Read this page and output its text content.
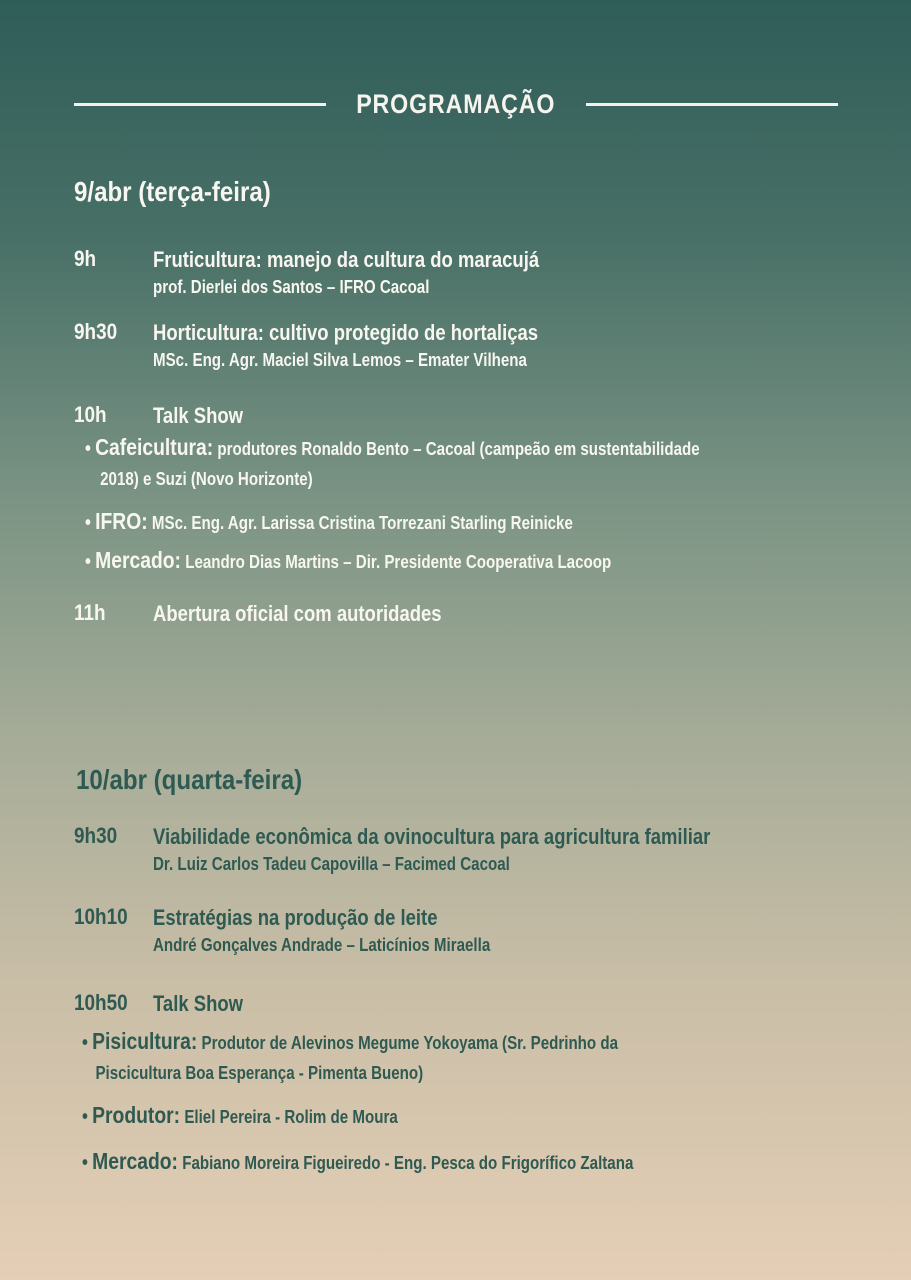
PROGRAMAÇÃO
9/abr (terça-feira)
9h	Fruticultura: manejo da cultura do maracujá
prof. Dierlei dos Santos – IFRO Cacoal
9h30 Horticultura: cultivo protegido de hortaliças
MSc. Eng. Agr. Maciel Silva Lemos – Emater Vilhena
10h Talk Show
• Cafeicultura: produtores Ronaldo Bento – Cacoal (campeão em sustentabilidade
2018) e Suzi (Novo Horizonte)
• IFRO: MSc. Eng. Agr. Larissa Cristina Torrezani Starling Reinicke
• Mercado: Leandro Dias Martins – Dir. Presidente Cooperativa Lacoop
11h Abertura oficial com autoridades
10/abr (quarta-feira)
9h30 Viabilidade econômica da ovinocultura para agricultura familiar
Dr. Luiz Carlos Tadeu Capovilla – Facimed Cacoal
10h10 Estratégias na produção de leite
André Gonçalves Andrade – Laticínios Miraella
10h50 Talk Show
• Pisicultura: Produtor de Alevinos Megume Yokoyama (Sr. Pedrinho da
Piscicultura Boa Esperança - Pimenta Bueno)
• Produtor: Eliel Pereira - Rolim de Moura
• Mercado: Fabiano Moreira Figueiredo - Eng. Pesca do Frigorífico Zaltana
